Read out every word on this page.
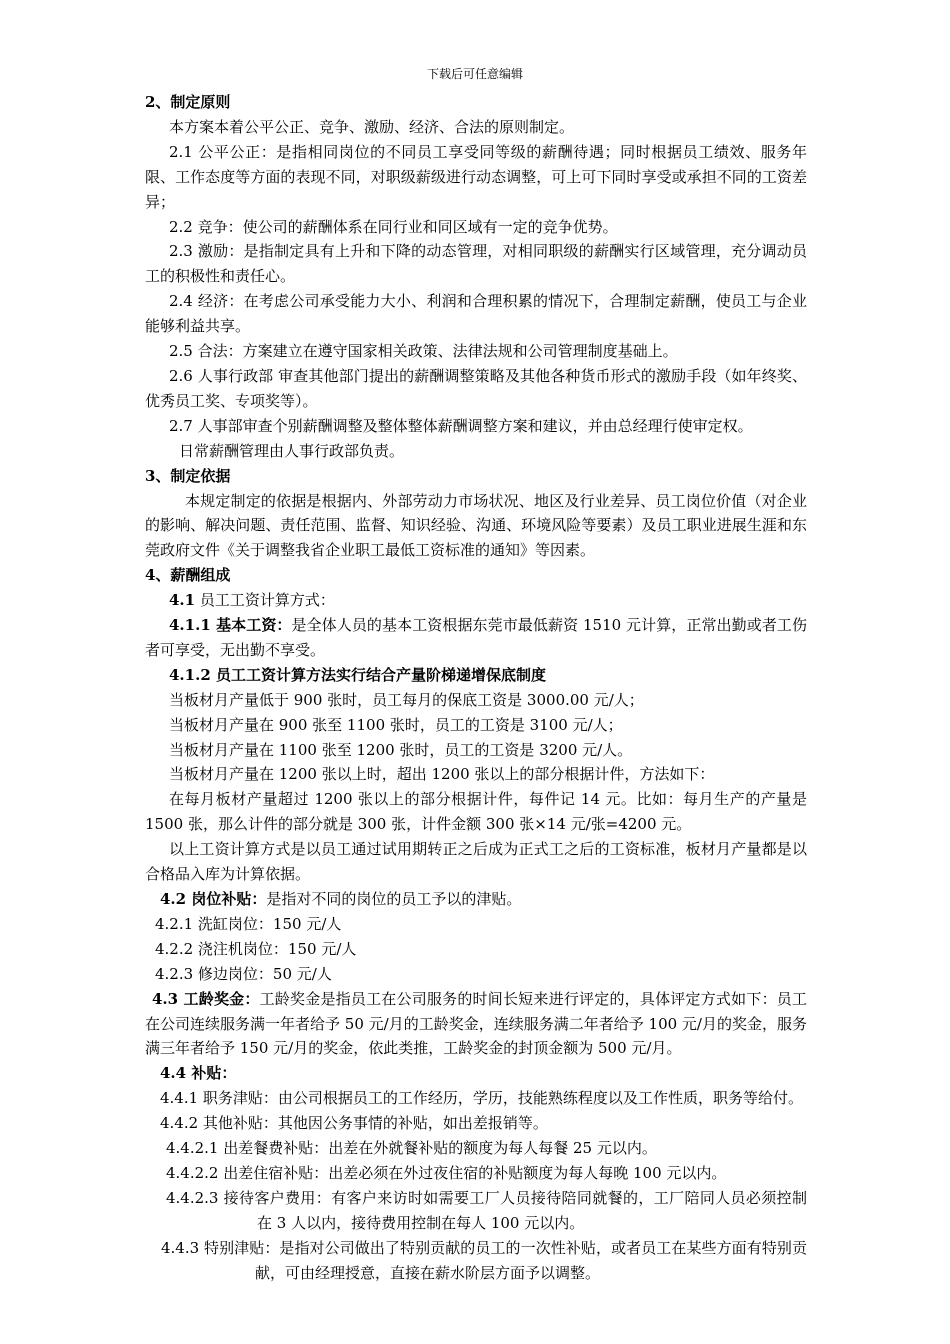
下载后可任意编辑

2、制定原则

本方案本着公平公正、竞争、激励、经济、合法的原则制定。

2.1 公平公正：是指相同岗位的不同员工享受同等级的薪酬待遇；同时根据员工绩效、服务年限、工作态度等方面的表现不同，对职级薪级进行动态调整，可上可下同时享受或承担不同的工资差异；

2.2 竞争：使公司的薪酬体系在同行业和同区域有一定的竞争优势。

2.3 激励：是指制定具有上升和下降的动态管理，对相同职级的薪酬实行区域管理，充分调动员工的积极性和责任心。

2.4 经济：在考虑公司承受能力大小、利润和合理积累的情况下，合理制定薪酬，使员工与企业能够利益共享。

2.5 合法：方案建立在遵守国家相关政策、法律法规和公司管理制度基础上。

2.6 人事行政部 审查其他部门提出的薪酬调整策略及其他各种货币形式的激励手段（如年终奖、优秀员工奖、专项奖等）。

2.7 人事部审查个别薪酬调整及整体整体薪酬调整方案和建议，并由总经理行使审定权。

日常薪酬管理由人事行政部负责。

3、制定依据

本规定制定的依据是根据内、外部劳动力市场状况、地区及行业差异、员工岗位价值（对企业的影响、解决问题、责任范围、监督、知识经验、沟通、环境风险等要素）及员工职业进展生涯和东莞政府文件《关于调整我省企业职工最低工资标准的通知》等因素。

4、薪酬组成

4.1 员工工资计算方式：

4.1.1 基本工资：是全体人员的基本工资根据东莞市最低薪资 1510 元计算，正常出勤或者工伤者可享受，无出勤不享受。

4.1.2 员工工资计算方法实行结合产量阶梯递增保底制度

当板材月产量低于 900 张时，员工每月的保底工资是 3000.00 元/人；

当板材月产量在 900 张至 1100 张时，员工的工资是 3100 元/人；

当板材月产量在 1100 张至 1200 张时，员工的工资是 3200 元/人。

当板材月产量在 1200 张以上时，超出 1200 张以上的部分根据计件，方法如下：

在每月板材产量超过 1200 张以上的部分根据计件，每件记 14 元。比如：每月生产的产量是 1500 张，那么计件的部分就是 300 张，计件金额 300 张×14 元/张=4200 元。

以上工资计算方式是以员工通过试用期转正之后成为正式工之后的工资标准，板材月产量都是以合格品入库为计算依据。

4.2 岗位补贴：是指对不同的岗位的员工予以的津贴。

4.2.1 洗缸岗位：150 元/人

4.2.2 浇注机岗位：150 元/人

4.2.3 修边岗位：50 元/人

4.3 工龄奖金：工龄奖金是指员工在公司服务的时间长短来进行评定的，具体评定方式如下：员工在公司连续服务满一年者给予 50 元/月的工龄奖金，连续服务满二年者给予 100 元/月的奖金，服务满三年者给予 150 元/月的奖金，依此类推，工龄奖金的封顶金额为 500 元/月。

4.4 补贴：

4.4.1 职务津贴：由公司根据员工的工作经历，学历，技能熟练程度以及工作性质，职务等给付。

4.4.2 其他补贴：其他因公务事情的补贴，如出差报销等。

4.4.2.1 出差餐费补贴：出差在外就餐补贴的额度为每人每餐 25 元以内。

4.4.2.2 出差住宿补贴：出差必须在外过夜住宿的补贴额度为每人每晚 100 元以内。

4.4.2.3 接待客户费用：有客户来访时如需要工厂人员接待陪同就餐的，工厂陪同人员必须控制在 3 人以内，接待费用控制在每人 100 元以内。

4.4.3 特别津贴：是指对公司做出了特别贡献的员工的一次性补贴，或者员工在某些方面有特别贡献，可由经理授意，直接在薪水阶层方面予以调整。
